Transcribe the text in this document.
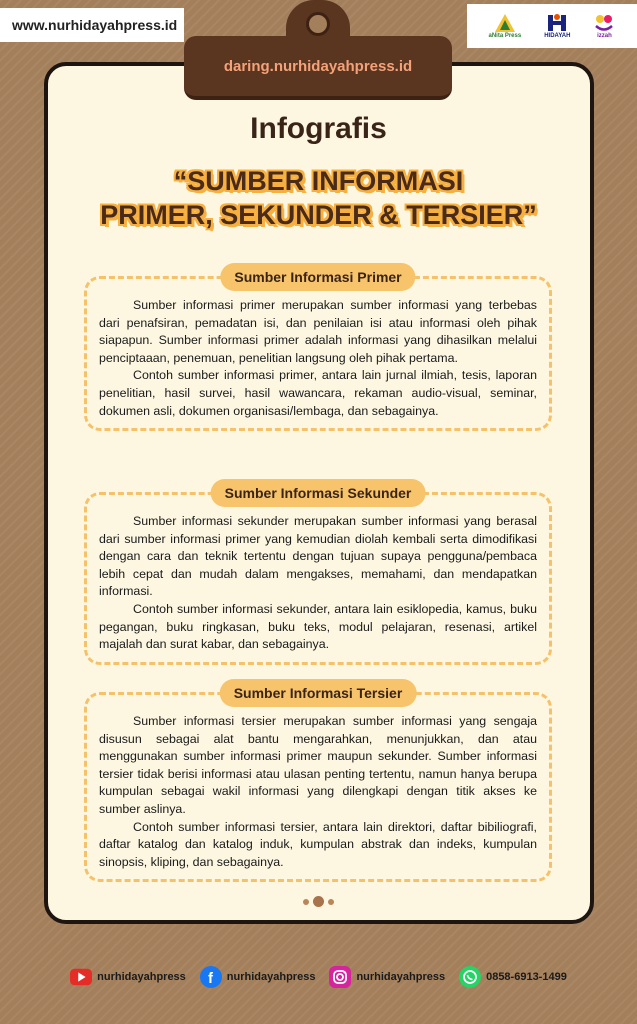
www.nurhidayahpress.id
aNita Press	HIDAYAH	izzah
daring.nurhidayahpress.id
Infografis
“SUMBER INFORMASI
PRIMER, SEKUNDER & TERSIER”
Sumber Informasi Primer

Sumber informasi primer merupakan sumber informasi yang terbebas dari penafsiran, pemadatan isi, dan penilaian isi atau informasi oleh pihak siapapun. Sumber informasi primer adalah informasi yang dihasilkan melalui penciptaaan, penemuan, penelitian langsung oleh pihak pertama.

Contoh sumber informasi primer, antara lain jurnal ilmiah, tesis, laporan penelitian, hasil survei, hasil wawancara, rekaman audio-visual, seminar, dokumen asli, dokumen organisasi/lembaga, dan sebagainya.

Sumber Informasi Sekunder

Sumber informasi sekunder merupakan sumber informasi yang berasal dari sumber informasi primer yang kemudian diolah kembali serta dimodifikasi dengan cara dan teknik tertentu dengan tujuan supaya pengguna/pembaca lebih cepat dan mudah dalam mengakses, memahami, dan mendapatkan informasi.

Contoh sumber informasi sekunder, antara lain esiklopedia, kamus, buku pegangan, buku ringkasan, buku teks, modul pelajaran, resenasi, artikel majalah dan surat kabar, dan sebagainya.

Sumber Informasi Tersier

Sumber informasi tersier merupakan sumber informasi yang sengaja disusun sebagai alat bantu mengarahkan, menunjukkan, dan atau menggunakan sumber informasi primer maupun sekunder. Sumber informasi tersier tidak berisi informasi atau ulasan penting tertentu, namun hanya berupa kumpulan sebagai wakil informasi yang dilengkapi dengan titik akses ke sumber aslinya.

Contoh sumber informasi tersier, antara lain direktori, daftar bibiliografi, daftar katalog dan katalog induk, kumpulan abstrak dan indeks, kumpulan sinopsis, kliping, dan sebagainya.

nurhidayahpress f nurhidayahpress	nurhidayahpress	0858-6913-1499
